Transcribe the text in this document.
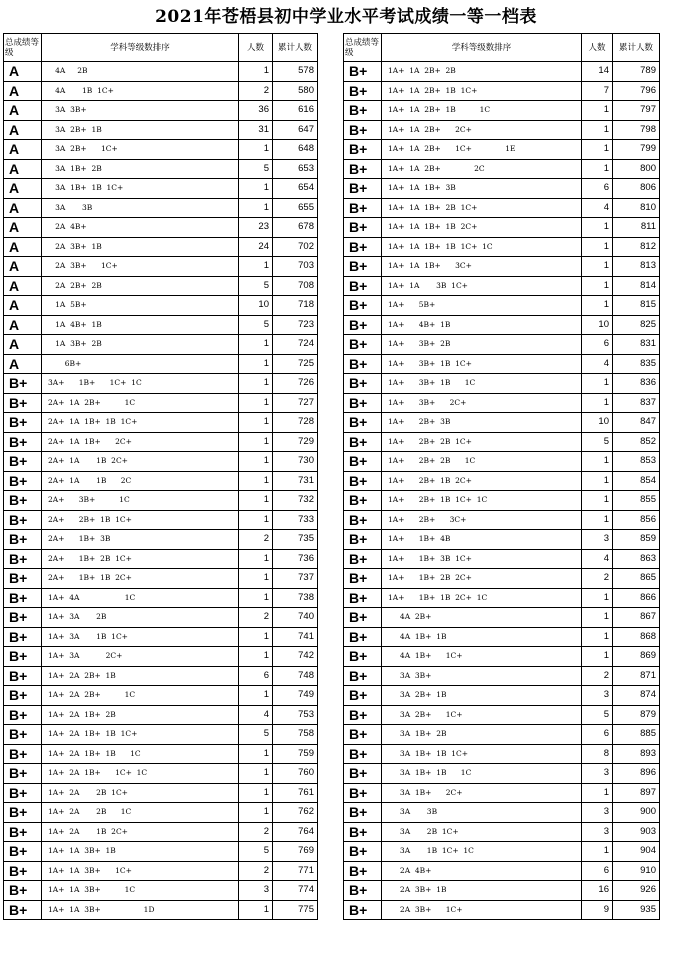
2021年苍梧县初中学业水平考试成绩一等一档表
总成绩等级	学科等级数排序	人数	累计人数
A	4A     2B	1	578
A	4A       1B  1C+	2	580
A	3A  3B+	36	616
A	3A  2B+  1B	31	647
A	3A  2B+      1C+	1	648
A	3A  1B+  2B	5	653
A	3A  1B+  1B  1C+	1	654
A	3A       3B	1	655
A	2A  4B+	23	678
A	2A  3B+  1B	24	702
A	2A  3B+      1C+	1	703
A	2A  2B+  2B	5	708
A	1A  5B+	10	718
A	1A  4B+  1B	5	723
A	1A  3B+  2B	1	724
A	6B+	1	725
B+	3A+      1B+      1C+  1C	1	726
B+	2A+  1A  2B+          1C	1	727
B+	2A+  1A  1B+  1B  1C+	1	728
B+	2A+  1A  1B+      2C+	1	729
B+	2A+  1A       1B  2C+	1	730
B+	2A+  1A       1B      2C	1	731
B+	2A+      3B+          1C	1	732
B+	2A+      2B+  1B  1C+	1	733
B+	2A+      1B+  3B	2	735
B+	2A+      1B+  2B  1C+	1	736
B+	2A+      1B+  1B  2C+	1	737
B+	1A+  4A                   1C	1	738
B+	1A+  3A       2B	2	740
B+	1A+  3A       1B  1C+	1	741
B+	1A+  3A           2C+	1	742
B+	1A+  2A  2B+  1B	6	748
B+	1A+  2A  2B+          1C	1	749
B+	1A+  2A  1B+  2B	4	753
B+	1A+  2A  1B+  1B  1C+	5	758
B+	1A+  2A  1B+  1B      1C	1	759
B+	1A+  2A  1B+      1C+  1C	1	760
B+	1A+  2A       2B  1C+	1	761
B+	1A+  2A       2B      1C	1	762
B+	1A+  2A       1B  2C+	2	764
B+	1A+  1A  3B+  1B	5	769
B+	1A+  1A  3B+      1C+	2	771
B+	1A+  1A  3B+          1C	3	774
B+	1A+  1A  3B+                  1D	1	775
总成绩等级	学科等级数排序	人数	累计人数
B+	1A+  1A  2B+  2B	14	789
B+	1A+  1A  2B+  1B  1C+	7	796
B+	1A+  1A  2B+  1B          1C	1	797
B+	1A+  1A  2B+      2C+	1	798
B+	1A+  1A  2B+      1C+              1E	1	799
B+	1A+  1A  2B+              2C	1	800
B+	1A+  1A  1B+  3B	6	806
B+	1A+  1A  1B+  2B  1C+	4	810
B+	1A+  1A  1B+  1B  2C+	1	811
B+	1A+  1A  1B+  1B  1C+  1C	1	812
B+	1A+  1A  1B+      3C+	1	813
B+	1A+  1A       3B  1C+	1	814
B+	1A+      5B+	1	815
B+	1A+      4B+  1B	10	825
B+	1A+      3B+  2B	6	831
B+	1A+      3B+  1B  1C+	4	835
B+	1A+      3B+  1B      1C	1	836
B+	1A+      3B+      2C+	1	837
B+	1A+      2B+  3B	10	847
B+	1A+      2B+  2B  1C+	5	852
B+	1A+      2B+  2B      1C	1	853
B+	1A+      2B+  1B  2C+	1	854
B+	1A+      2B+  1B  1C+  1C	1	855
B+	1A+      2B+      3C+	1	856
B+	1A+      1B+  4B	3	859
B+	1A+      1B+  3B  1C+	4	863
B+	1A+      1B+  2B  2C+	2	865
B+	1A+      1B+  1B  2C+  1C	1	866
B+	4A  2B+	1	867
B+	4A  1B+  1B	1	868
B+	4A  1B+      1C+	1	869
B+	3A  3B+	2	871
B+	3A  2B+  1B	3	874
B+	3A  2B+      1C+	5	879
B+	3A  1B+  2B	6	885
B+	3A  1B+  1B  1C+	8	893
B+	3A  1B+  1B      1C	3	896
B+	3A  1B+      2C+	1	897
B+	3A       3B	3	900
B+	3A       2B  1C+	3	903
B+	3A       1B  1C+  1C	1	904
B+	2A  4B+	6	910
B+	2A  3B+  1B	16	926
B+	2A  3B+      1C+	9	935
